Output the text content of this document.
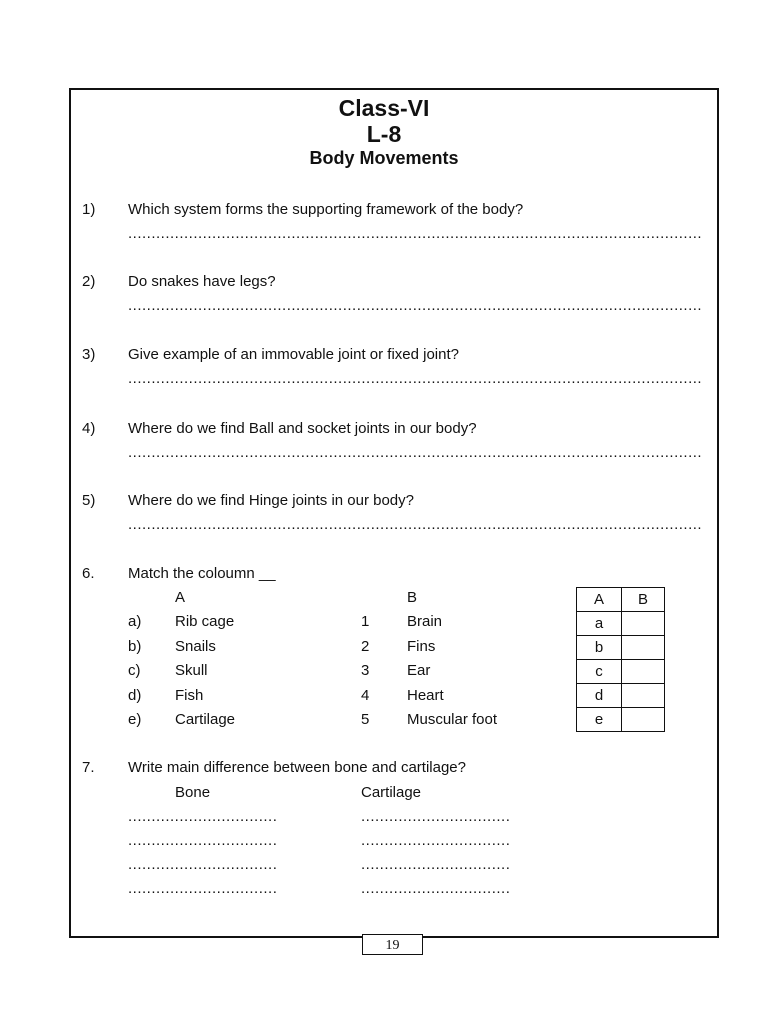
Class-VI
L-8
Body Movements
1) Which system forms the supporting framework of the body?
...........................................................................................................................
2) Do snakes have legs?
...........................................................................................................................
3) Give example of an immovable joint or fixed joint?
...........................................................................................................................
4) Where do we find Ball and socket joints in our body?
...........................................................................................................................
5) Where do we find Hinge joints in our body?
...........................................................................................................................
6. Match the coloumn __
A	B
a) Rib cage	1	Brain
b) Snails	2	Fins
c) Skull	3	Ear
d) Fish	4	Heart
e) Cartilage	5	Muscular foot
A	B
a	
b	
c	
d	
e	
7. Write main difference between bone and cartilage?
Bone	Cartilage
................................	................................
................................	................................
................................	................................
................................	................................
19
